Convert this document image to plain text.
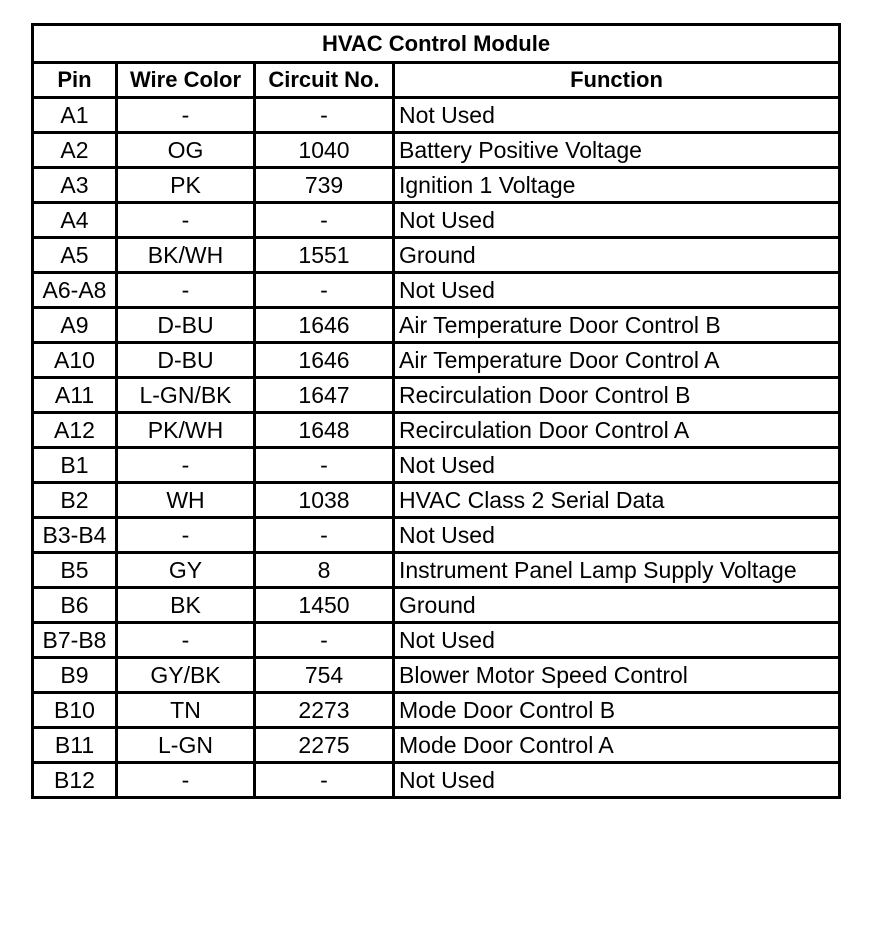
HVAC Control Module			
Pin	Wire Color	Circuit No.	Function
A1	-	-	Not Used
A2	OG	1040	Battery Positive Voltage
A3	PK	739	Ignition 1 Voltage
A4	-	-	Not Used
A5	BK/WH	1551	Ground
A6-A8	-	-	Not Used
A9	D-BU	1646	Air Temperature Door Control B
A10	D-BU	1646	Air Temperature Door Control A
A11	L-GN/BK	1647	Recirculation Door Control B
A12	PK/WH	1648	Recirculation Door Control A
B1	-	-	Not Used
B2	WH	1038	HVAC Class 2 Serial Data
B3-B4	-	-	Not Used
B5	GY	8	Instrument Panel Lamp Supply Voltage
B6	BK	1450	Ground
B7-B8	-	-	Not Used
B9	GY/BK	754	Blower Motor Speed Control
B10	TN	2273	Mode Door Control B
B11	L-GN	2275	Mode Door Control A
B12	-	-	Not Used
